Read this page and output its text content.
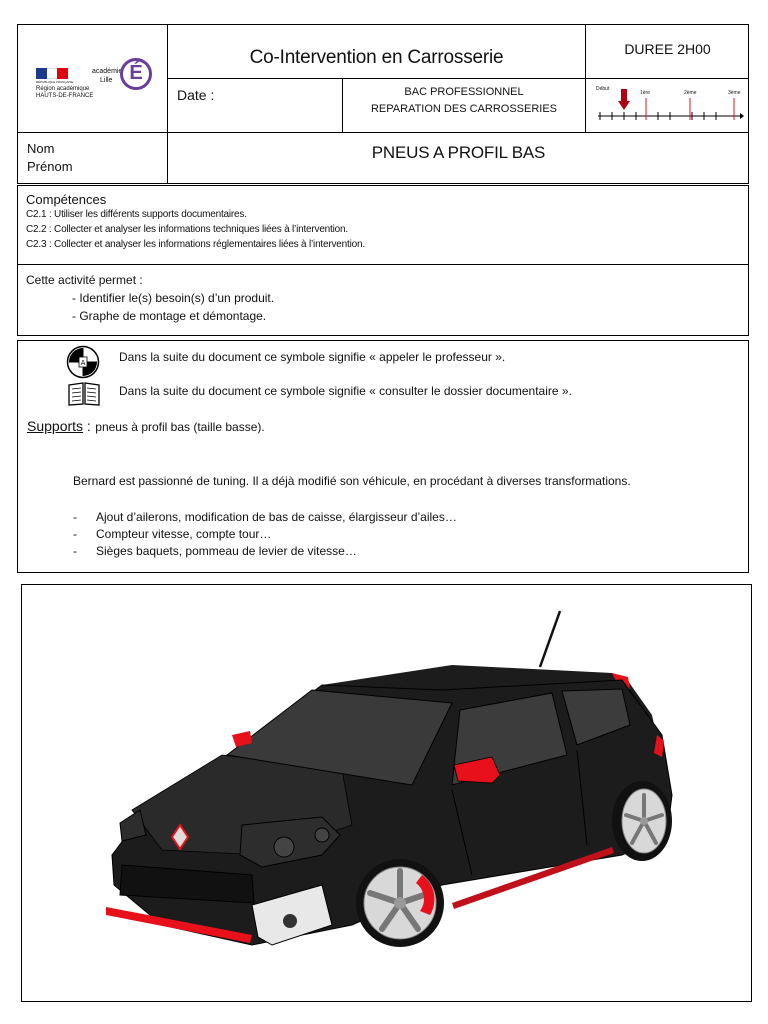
RÉPUBLIQUE FRANÇAISE
Région académique
HAUTS-DE-FRANCE
académie
Lille É
Co-Intervention en Carrosserie	DUREE 2H00
Date :	BAC PROFESSIONNEL
REPARATION DES CARROSSERIES
Début
1ère	2ème	3ème
Nom
Prénom
PNEUS A PROFIL BAS
Compétences
C2.1 : Utiliser les différents supports documentaires.
C2.2 : Collecter et analyser les informations techniques liées à l’intervention.
C2.3 : Collecter et analyser les informations réglementaires liées à l’intervention.
Cette activité permet :
- Identifier le(s) besoin(s) d’un produit.
- Graphe de montage et démontage.
A	Dans la suite du document ce symbole signifie « appeler le professeur ».
Dans la suite du document ce symbole signifie « consulter le dossier documentaire ».
Supports : pneus à profil bas (taille basse).
Bernard est passionné de tuning. Il a déjà modifié son véhicule, en procédant à diverses transformations.
- Ajout d’ailerons, modification de bas de caisse, élargisseur d’ailes…
- Compteur vitesse, compte tour…
- Sièges baquets, pommeau de levier de vitesse…
